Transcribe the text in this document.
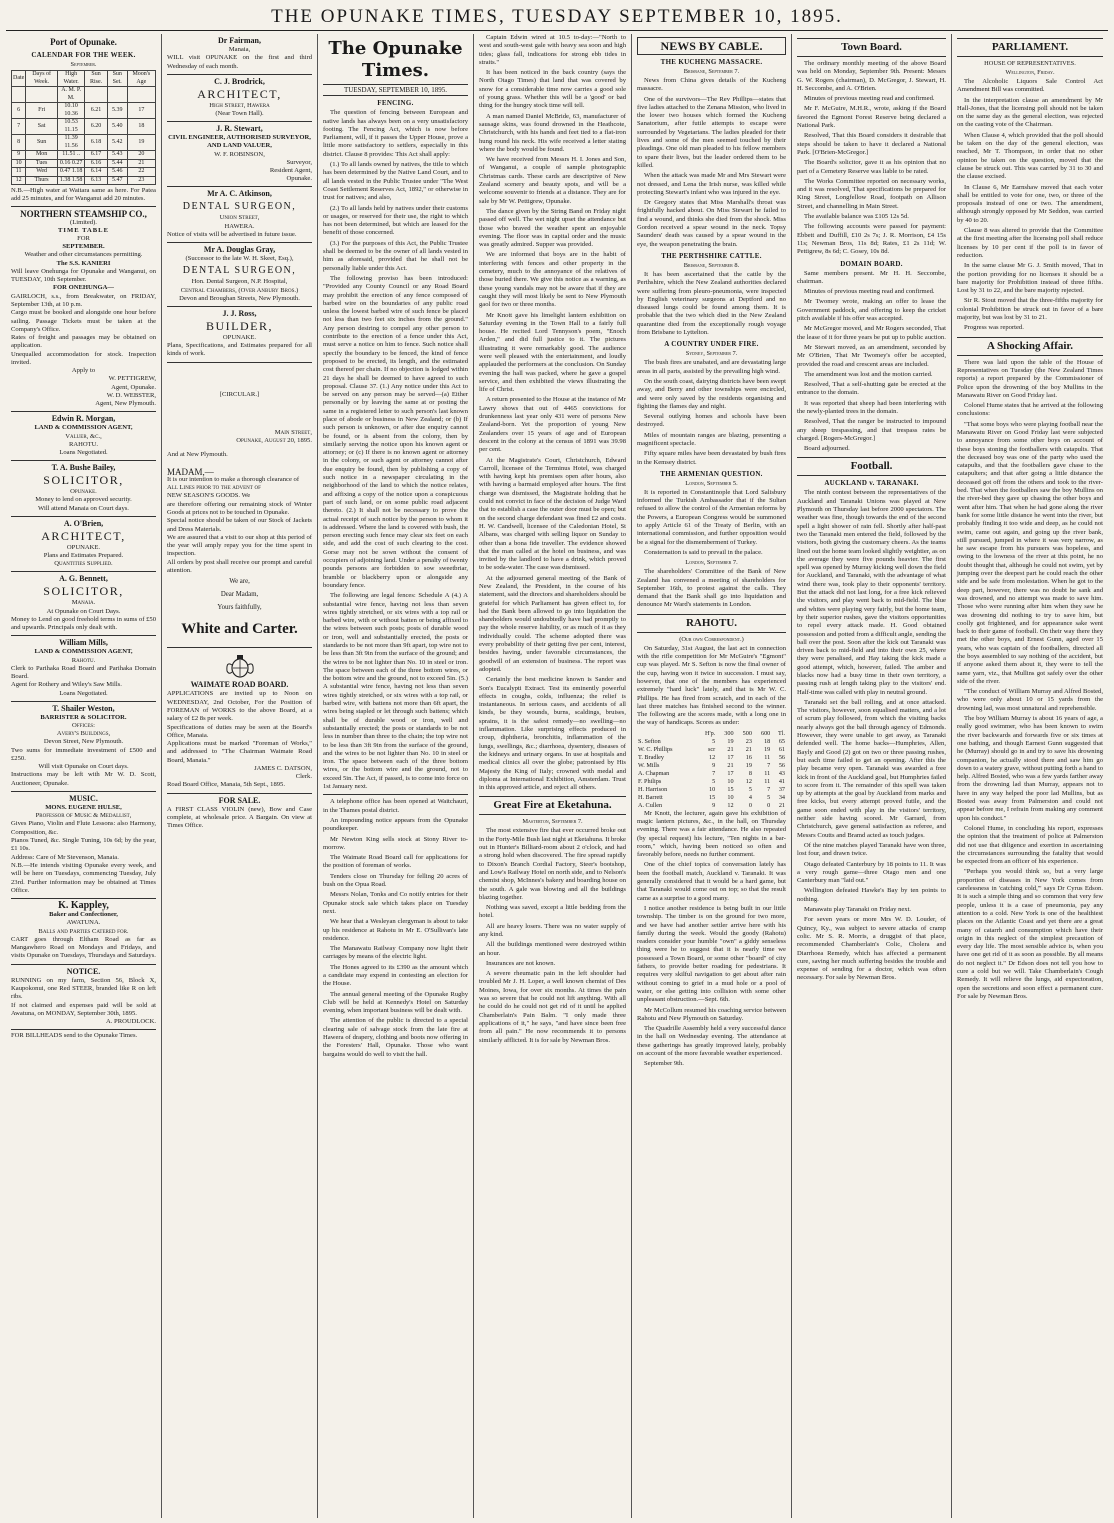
THE OPUNAKE TIMES, TUESDAY SEPTEMBER 10, 1895.
Port of Opunake.
CALENDAR FOR THE WEEK.
September.
Date	Days of Week.	High Water.	Sun Rise.	Sun Set.	Moon's Age
		A. M. P. M.			
6	Fri	10.10 10.36	6.21	5.39	17
7	Sat	10.53 11.15	6.20	5.40	18
8	Sun	11.39 11.56	6.18	5.42	19
9	Mon	11.51 ..	6.17	5.43	20
10	Tues	0.16 0.27	6.16	5.44	21
11	Wed	0.47 1.18	6.14	5.46	22
12	Thurs	1.38 1.58	6.13	5.47	23

N.B.—High water at Waitara same as here. For Patea add 25 minutes, and for Wanganui add 20 minutes.

NORTHERN STEAMSHIP CO.,
(Limited).
TIME TABLE
FOR
SEPTEMBER.
Weather and other circumstances permitting.
The S.S. KANIERI
Will leave Onehunga for Opunake and Wanganui, on TUESDAY, 10th September.
FOR ONEHUNGA—
GAIRLOCH, s.s., from Breakwater, on FRIDAY, September 13th, at 10 p.m.
Cargo must be booked and alongside one hour before sailing. Passage Tickets must be taken at the Company's Office.
Rates of freight and passages may be obtained on application.
Unequalled accommodation for stock. Inspection invited.
Apply to
W. PETTIGREW,
Agent, Opunake.
W. D. WEBSTER,
Agent, New Plymouth.
Edwin R. Morgan,
LAND & COMMISSION AGENT,
Valuer, &c.,
RAHOTU.
Loans Negotiated.
T. A. Bushe Bailey,
SOLICITOR,
Opunake.
Money to lend on approved security.
Will attend Manaia on Court days.
A. O'Brien,
ARCHITECT,
OPUNAKE.
Plans and Estimates Prepared.
Quantities Supplied.
A. G. Bennett,
SOLICITOR,
Manaia.
At Opunake on Court Days.
Money to Lend on good freehold terms in sums of £50 and upwards. Principals only dealt with.
William Mills,
LAND & COMMISSION AGENT,
Rahotu.
Clerk to Parihaka Road Board and Parihaka Domain Board.
Agent for Rothery and Wiley's Saw Mills.
Loans Negotiated.
T. Shailer Weston,
BARRISTER & SOLICITOR.
Offices:
Avery's Buildings,
Devon Street, New Plymouth.
Two sums for immediate investment of £500 and £250.
Will visit Opunake on Court days.
Instructions may be left with Mr W. D. Scott, Auctioneer, Opunake.
MUSIC.
MONS. EUGENE HULSE,
Professor of Music & Medallist,
Gives Piano, Violin and Flute Lessons: also Harmony, Composition, &c.
Pianos Tuned, &c. Single Tuning, 10s 6d; by the year, £1 10s.
Address: Care of Mr Stevenson, Manaia.
N.B.—He intends visiting Opunake every week, and will be here on Tuesdays, commencing Tuesday, July 23rd. Further information may be obtained at Times Office.
K. Kappley,
Baker and Confectioner,
AWATUNA.
Balls and Parties Catered for.
CART goes through Eltham Road as far as Mangawhero Road on Mondays and Fridays, and visits Opunake on Tuesdays, Thursdays and Saturdays.
NOTICE.
RUNNING on my farm, Section 56, Block X, Kaupokonui, one Red STEER, branded like R on left ribs.
If not claimed and expenses paid will be sold at Awatuna, on MONDAY, September 30th, 1895.
A. PROUDLOCK.
FOR BILLHEADS send to the Opunake Times.
Dr Fairman,
Manaia,
WILL visit OPUNAKE on the first and third Wednesday of each month.
C. J. Brodrick,
ARCHITECT,
High Street, Hawera
(Near Town Hall).
J. R. Stewart,
CIVIL ENGINEER, AUTHORISED SURVEYOR, AND LAND VALUER,
W. F. ROBINSON,
Surveyor,
Resident Agent,
Opunake.
Mr A. C. Atkinson,
DENTAL SURGEON,
Union Street,
HAWERA.
Notice of visits will be advertised in future issue.
Mr A. Douglas Gray,
(Successor to the late W. H. Skeet, Esq.),
DENTAL SURGEON,
Hon. Dental Surgeon, N.P. Hospital,
Central Chambers, (Over Anbury Bros.)
Devon and Broughan Streets, New Plymouth.
J. J. Ross,
BUILDER,
OPUNAKE.
Plans, Specifications, and Estimates prepared for all kinds of work.
[CIRCULAR.]
Main Street,
Opunake, August 20, 1895.
And at New Plymouth.
MADAM,—
It is our intention to make a thorough clearance of
All Lines prior to the advent of
NEW SEASON'S GOODS. We
are therefore offering our remaining stock of Winter Goods at prices not to be touched in Opunake.
Special notice should be taken of our Stock of Jackets and Dress Materials.
We are assured that a visit to our shop at this period of the year will amply repay you for the time spent in inspection.
All orders by post shall receive our prompt and careful attention.
We are,
Dear Madam,
Yours faithfully,
White and Carter.
WAIMATE ROAD BOARD.
APPLICATIONS are invited up to Noon on WEDNESDAY, 2nd October, For the Position of FOREMAN of WORKS to the above Board, at a salary of £2 8s per week.
Specifications of duties may be seen at the Board's Office, Manaia.
Applications must be marked "Foreman of Works," and addressed to "The Chairman Waimate Road Board, Manaia."
JAMES C. DATSON,
Clerk.
Road Board Office, Manaia, 5th Sept., 1895.
FOR SALE.
A FIRST CLASS VIOLIN (new), Bow and Case complete, at wholesale price. A Bargain. On view at Times Office.
The Opunake Times.
TUESDAY, SEPTEMBER 10, 1895.
FENCING.

The question of fencing between European and native lands has always been on a very unsatisfactory footing. The Fencing Act, which is now before Parliament, will, if it passes the Upper House, prove a little more satisfactory to settlers, especially in this district. Clause 8 provides: This Act shall apply:

(1.) To all lands owned by natives, the title to which has been determined by the Native Land Court, and to all lands vested in the Public Trustee under "The West Coast Settlement Reserves Act, 1892," or otherwise in trust for natives; and also,

(2.) To all lands held by natives under their customs or usages, or reserved for their use, the right to which has not been determined, but which are leased for the benefit of those concerned.

(3.) For the purposes of this Act, the Public Trustee shall be deemed to be the owner of all lands vested in him as aforesaid, provided that he shall not be personally liable under this Act.

The following proviso has been introduced: "Provided any County Council or any Road Board may prohibit the erection of any fence composed of barbed wire on the boundaries of any public road unless the lowest barbed wire of such fence be placed not less than two feet six inches from the ground." Any person desiring to compel any other person to contribute to the erection of a fence under this Act, must serve a notice on him to fence. Such notice shall specify the boundary to be fenced, the kind of fence proposed to be erected, its length, and the estimated cost thereof per chain. If no objection is lodged within 21 days he shall be deemed to have agreed to such proposal. Clause 37. (1.) Any notice under this Act to be served on any person may be served—(a) Either personally or by leaving the same at or posting the same in a registered letter to such person's last known place of abode or business in New Zealand; or (b) If such person is unknown, or after due enquiry cannot be found, or is absent from the colony, then by similarly serving the notice upon his known agent or attorney; or (c) If there is no known agent or attorney in the colony, or such agent or attorney cannot after due enquiry be found, then by publishing a copy of such notice in a newspaper circulating in the neighborhood of the land to which the notice relates, and affixing a copy of the notice upon a conspicuous part of such land, or on some public road adjacent thereto. (2.) It shall not be necessary to prove the actual receipt of such notice by the person to whom it is addressed. Where the land is covered with bush, the person erecting such fence may clear six feet on each side, and add the cost of such clearing to the cost. Gorse may not be sown without the consent of occupiers of adjoining land. Under a penalty of twenty pounds persons are forbidden to sow sweetbriar, bramble or blackberry upon or alongside any boundary fence.

The following are legal fences: Schedule A (4.) A substantial wire fence, having not less than seven wires tightly stretched, or six wires with a top rail or barbed wire, with or without batten or being affixed to the wires between such posts; posts of durable wood or iron, well and substantially erected, the posts or standards to be not more than 9ft apart, top wire not to be less than 3ft 9in from the surface of the ground; and the wires to be not lighter than No. 10 in steel or iron. The space between each of the three bottom wires, or the bottom wire and the ground, not to exceed 5in. (5.) A substantial wire fence, having not less than seven wires tightly stretched, or six wires with a top rail, or barbed wire, with battens not more than 6ft apart, the wires being stapled or let through such battens; which shall be of durable wood or iron, well and substantially erected; the posts or standards to be not less in number than three to the chain; the top wire not to be less than 3ft 9in from the surface of the ground, and the wires to be not lighter than No. 10 in steel or iron. The space between each of the three bottom wires, or the bottom wire and the ground, not to exceed 5in. The Act, if passed, is to come into force on 1st January next.

A telephone office has been opened at Waitchauri, in the Thames postal district.

An impounding notice appears from the Opunake poundkeeper.

Mr Newton King sells stock at Stony River to-morrow.

The Waimate Road Board call for applications for the position of foreman of works.

Tenders close on Thursday for felling 20 acres of bush on the Opua Road.

Messrs Nolan, Tonks and Co notify entries for their Opunake stock sale which takes place on Tuesday next.

We hear that a Wesleyan clergyman is about to take up his residence at Rahotu in Mr E. O'Sullivan's late residence.

The Manawatu Railway Company now light their carriages by means of the electric light.

The Hones agreed to its £390 as the amount which a candidate may expend in contesting an election for the House.

The annual general meeting of the Opunake Rugby Club will be held at Kennedy's Hotel on Saturday evening, when important business will be dealt with.

The attention of the public is directed to a special clearing sale of salvage stock from the late fire at Hawera of drapery, clothing and boots now offering in the Foresters' Hall, Opunake. Those who want bargains would do well to visit the hall.

Captain Edwin wired at 10.5 to-day:—"North to west and south-west gale with heavy sea soon and high tides; glass fall, indications for strong ebb tides in straits."

It has been noticed in the back country (says the North Otago Times) that land that was covered by snow for a considerable time now carries a good sole of young grass. Whether this will be a 'good' or bad thing for the hungry stock time will tell.

A man named Daniel McBride, 63, manufacturer of sausage skins, was found drowned in the Heathcote, Christchurch, with his hands and feet tied to a flat-iron hung round his neck. His wife received a letter stating where the body would be found.

We have received from Messrs H. I. Jones and Son, of Wanganui, a couple of sample photographic Christmas cards. These cards are descriptive of New Zealand scenery and beauty spots, and will be a welcome souvenir to friends at a distance. They are for sale by Mr W. Pettigrew, Opunake.

The dance given by the String Band on Friday night passed off well. The wet night upset the attendance but those who braved the weather spent an enjoyable evening. The floor was in capital order and the music was greatly admired. Supper was provided.

We are informed that boys are in the habit of interfering with fences and other property in the cemetery, much to the annoyance of the relatives of those buried there. We give this notice as a warning, as these young vandals may not be aware that if they are caught they will most likely be sent to New Plymouth gaol for two or three months.

Mr Knott gave his limelight lantern exhibition on Saturday evening in the Town Hall to a fairly full house. He recited Lord Tennyson's poem, "Enoch Arden," and did full justice to it. The pictures illustrating it were remarkably good. The audience were well pleased with the entertainment, and loudly applauded the performers at the conclusion. On Sunday evening the hall was packed, where he gave a gospel service, and then exhibited the views illustrating the life of Christ.

A return presented to the House at the instance of Mr Lawry shows that out of 4465 convictions for drunkenness last year only 431 were of persons New Zealand-born. Yet the proportion of young New Zealanders over 15 years of age and of European descent in the colony at the census of 1891 was 39.98 per cent.

At the Magistrate's Court, Christchurch, Edward Carroll, licensee of the Terminus Hotel, was charged with having kept his premises open after hours, also with having a barmaid employed after hours. The first charge was dismissed, the Magistrate holding that he could not convict in face of the decision of Judge Ward that to establish a case the outer door must be open; but on the second charge defendant was fined £2 and costs. H. W. Candwell, licensee of the Caledonian Hotel, St Albans, was charged with selling liquor on Sunday to other than a bona fide traveller. The evidence showed that the man called at the hotel on business, and was invited by the landlord to have a drink, which proved to be soda-water. The case was dismissed.

At the adjourned general meeting of the Bank of New Zealand, the President, in the course of his statement, said the directors and shareholders should be grateful for which Parliament has given effect to, for had the Bank been allowed to go into liquidation the shareholders would undoubtedly have had promptly to pay the whole reserve liability, or as much of it as they individually could. The scheme adopted there was every probability of their getting five per cent, interest, besides having, under favorable circumstances, the goodwill of an extension of business. The report was adopted.

Certainly the best medicine known is Sander and Son's Eucalypti Extract. Test its eminently powerful effects in coughs, colds, influenza; the relief is instantaneous. In serious cases, and accidents of all kinds, be they wounds, burns, scaldings, bruises, sprains, it is the safest remedy—no swelling—no inflammation. Like surprising effects produced in croup, diphtheria, bronchitis, inflammation of the lungs, swellings, &c.; diarrhoea, dysentery, diseases of the kidneys and urinary organs. In use at hospitals and medical clinics all over the globe; patronised by His Majesty the King of Italy; crowned with medal and diploma at International Exhibition, Amsterdam. Trust in this approved article, and reject all others.

Great Fire at Eketahuna.
Masterton, September 7.

The most extensive fire that ever occurred broke out in the Forty-Mile Bush last night at Eketahuna. It broke out in Hunter's Billiard-room about 2 o'clock, and had a strong hold when discovered. The fire spread rapidly to Dixon's Branch Cordial Factory, Steer's bootshop, and Low's Railway Hotel on north side, and to Nelson's chemist shop, McInnes's bakery and boarding house on the south. A gale was blowing and all the buildings blazing together.

Nothing was saved, except a little bedding from the hotel.

All are heavy losers. There was no water supply of any kind.

All the buildings mentioned were destroyed within an hour.

Insurances are not known.

A severe rheumatic pain in the left shoulder had troubled Mr J. H. Loper, a well known chemist of Des Moines, Iowa, for over six months. At times the pain was so severe that he could not lift anything. With all he could do he could not get rid of it until he applied Chamberlain's Pain Balm. "I only made three applications of it," he says, "and have since been free from all pain." He now recommends it to persons similarly afflicted. It is for sale by Newman Bros.

NEWS BY CABLE.
THE KUCHENG MASSACRE.
Brisbane, September 7.

News from China gives details of the Kucheng massacre.

One of the survivors—The Rev Phillips—states that five ladies attached to the Zenana Mission, who lived in the lower two houses which formed the Kucheng Sanatorium, after futile attempts to escape were surrounded by Vegetarians. The ladies pleaded for their lives and some of the men seemed touched by their pleadings. One old man pleaded to his fellow members to spare their lives, but the leader ordered them to be killed.

When the attack was made Mr and Mrs Stewart were not dressed, and Lena the Irish nurse, was killed while protecting Stewart's infant who was injured in the eye.

Dr Gregory states that Miss Marshall's throat was frightfully hacked about. On Miss Stewart he failed to find a wound, and thinks she died from the shock. Miss Gordon received a spear wound in the neck. Topsy Saunders' death was caused by a spear wound in the eye, the weapon penetrating the brain.

THE PERTHSHIRE CATTLE.
Brisbane, September 8.

It has been ascertained that the cattle by the Perthshire, which the New Zealand authorities declared were suffering from pleuro-pneumonia, were inspected by English veterinary surgeons at Deptford and no diseased lungs could be found among them. It is probable that the two which died in the New Zealand quarantine died from the exceptionally rough voyage from Brisbane to Lyttelton.

A COUNTRY UNDER FIRE.
Sydney, September 7.

The bush fires are unabated, and are devastating large areas in all parts, assisted by the prevailing high wind.

On the south coast, dairying districts have been swept away, and Berry and other townships were encircled, and were only saved by the residents organising and fighting the flames day and night.

Several outlying homes and schools have been destroyed.

Miles of mountain ranges are blazing, presenting a magnificent spectacle.

Fifty square miles have been devastated by bush fires in the Kemsey district.

THE ARMENIAN QUESTION.
London, September 5.

It is reported in Constantinople that Lord Salisbury informed the Turkish Ambassador that if the Sultan refused to allow the control of the Armenian reforms by the Powers, a European Congress would be summoned to apply Article 61 of the Treaty of Berlin, with an international commission, and further opposition would be a signal for the dismemberment of Turkey.

Consternation is said to prevail in the palace.

London, September 7.

The shareholders' Committee of the Bank of New Zealand has convened a meeting of shareholders for September 16th, to protest against the calls. They demand that the Bank shall go into liquidation and denounce Mr Ward's statements in London.

RAHOTU.
(Our own Correspondent.)

On Saturday, 31st August, the last act in connection with the rifle competition for Mr McGuire's "Egmont" cup was played. Mr S. Sefton is now the final owner of the cup, having won it twice in succession. I must say, however, that one of the members has experienced extremely "hard luck" lately, and that is Mr W. C. Phillips. He has fired from scratch, and in each of the last three matches has finished second to the winner. The following are the scores made, with a long one in the way of handicaps. Scores as under:

	H'p.	300	500	600	Tl.
S. Sefton	5	19	23	18	65
W. C. Phillips	scr	21	21	19	61
T. Bradley	12	17	16	11	56
W. Mills	9	21	19	7	56
A. Chapman	7	17	8	11	43
F. Philips	5	10	12	11	41
H. Harrison	10	15	5	7	37
H. Barrett	15	10	4	5	34
A. Cullen	9	12	0	0	21

Mr Knott, the lecturer, again gave his exhibition of magic lantern pictures, &c., in the hall, on Thursday evening. There was a fair attendance. He also repeated (by special request) his lecture, "Ten nights in a bar-room," which, having been noticed so often and favorably before, needs no further comment.

One of the chief topics of conversation lately has been the football match, Auckland v. Taranaki. It was generally considered that it would be a hard game, but that Taranaki would come out on top; so that the result came as a surprise to a good many.

I notice another residence is being built in our little township. The timber is on the ground for two more, and we have had another settler arrive here with his family during the week. Would the goody (Rahotu) readers consider your humble "own" a giddy senseless thing were he to suggest that it is nearly time we possessed a Town Board, or some other "board" of city fathers, to provide better roading for pedestrians. It requires very skilful navigation to get about after rain without coming to grief in a mud hole or a pool of water, or else getting into collision with some other unpleasant obstruction.—Sept. 6th.

Mr McCollum resumed his coaching service between Rahotu and New Plymouth on Saturday.

The Quadrille Assembly held a very successful dance in the hall on Wednesday evening. The attendance at these gatherings has greatly improved lately, probably on account of the more favorable weather experienced.

September 9th.

Town Board.

The ordinary monthly meeting of the above Board was held on Monday, September 9th. Present: Messrs G. W. Rogers (chairman), D. McGregor, J. Stewart, H. H. Seccombe, and A. O'Brien.

Minutes of previous meeting read and confirmed.

Mr F. McGuire, M.H.R., wrote, asking if the Board favored the Egmont Forest Reserve being declared a National Park.

Resolved, That this Board considers it desirable that steps should be taken to have it declared a National Park. [O'Brien-McGregor.]

The Board's solicitor, gave it as his opinion that no part of a Cemetery Reserve was liable to be rated.

The Works Committee reported on necessary works, and it was resolved, That specifications be prepared for King Street, Longfellow Road, footpath on Allison Street, and channelling in Main Street.

The available balance was £105 12s 5d.

The following accounts were passed for payment: Ebbett and Duffill, £10 2s 7s; J. R. Morrison, £4 15s 11s; Newman Bros, 11s 8d; Rates, £1 2s 11d; W. Pettigrew, 8s 6d; C. Gosey, 10s 8d.

DOMAIN BOARD.

Same members present. Mr H. H. Seccombe, chairman.

Minutes of previous meeting read and confirmed.

Mr Twomey wrote, making an offer to lease the Government paddock, and offering to keep the cricket pitch available if his offer was accepted.

Mr McGregor moved, and Mr Rogers seconded, That the lease of it for three years be put up to public auction.

Mr Stewart moved, as an amendment, seconded by Mr O'Brien, That Mr Twomey's offer be accepted, provided the road and crescent areas are included.

The amendment was lost and the motion carried.

Resolved, That a self-shutting gate be erected at the entrance to the domain.

It was reported that sheep had been interfering with the newly-planted trees in the domain.

Resolved, That the ranger be instructed to impound any sheep trespassing, and that trespass rates be charged. [Rogers-McGregor.]

Board adjourned.

Football.
AUCKLAND v. TARANAKI.

The ninth contest between the representatives of the Auckland and Taranaki Unions was played at New Plymouth on Thursday last before 2000 spectators. The weather was fine, though towards the end of the second spell a light shower of rain fell. Shortly after half-past two the Taranaki men entered the field, followed by the visitors, both giving the customary cheers. As the teams lined out the home team looked slightly weightier, as on the average they were five pounds heavier. The first spell was opened by Murray kicking well down the field for Auckland, and Taranaki, with the advantage of what wind there was, took play to their opponents' territory. But the attack did not last long, for a free kick relieved the visitors, and play went back to mid-field. The blue and whites were playing very fairly, but the home team, by their superior rushes, gave the visitors opportunities to repel every attack made. H. Good obtained possession and potted from a difficult angle, sending the ball over the post. Soon after the kick out Taranaki was driven back to mid-field and into their own 25, where they were penalised, and Hay taking the kick made a good attempt, which, however, failed. The amber and blacks now had a busy time in their own territory, a passing rush at length taking play to the visitors' end. Half-time was called with play in neutral ground.

Taranaki set the ball rolling, and at once attacked. The visitors, however, soon equalised matters, and a lot of scrum play followed, from which the visiting backs nearly always got the ball through agency of Edmonds. However, they were unable to get away, as Taranaki defended well. The home backs—Humphries, Allen, Bayly and Good (2) got on two or three passing rushes, but each time failed to get an opening. After this the play became very open. Taranaki was awarded a free kick in front of the Auckland goal, but Humphries failed to score from it. The remainder of this spell was taken up by attempts at the goal by Auckland from marks and free kicks, but every attempt proved futile, and the game soon ended with play in the visitors' territory, neither side having scored. Mr Garrard, from Christchurch, gave general satisfaction as referee, and Messrs Coutts and Bramd acted as touch judges.

Of the nine matches played Taranaki have won three, lost four, and drawn twice.

Otago defeated Canterbury by 18 points to 11. It was a very rough game—three Otago men and one Canterbury man "laid out."

Wellington defeated Hawke's Bay by ten points to nothing.

Manawatu play Taranaki on Friday next.

For seven years or more Mrs W. D. Louder, of Quincy, Ky., was subject to severe attacks of cramp colic. Mr S. R. Morris, a druggist of that place, recommended Chamberlain's Colic, Cholera and Diarrhoea Remedy, which has affected a permanent cure, saving her much suffering besides the trouble and expense of sending for a doctor, which was often necessary. For sale by Newman Bros.

PARLIAMENT.
HOUSE OF REPRESENTATIVES.
Wellington, Friday.

The Alcoholic Liquors Sale Control Act Amendment Bill was committed.

In the interpretation clause an amendment by Mr Hall-Jones, that the licensing poll should not be taken on the same day as the general election, was rejected on the casting vote of the Chairman.

When Clause 4, which provided that the poll should be taken on the day of the general election, was reached, Mr T. Thompson, in order that no other opinion be taken on the question, moved that the clause be struck out. This was carried by 31 to 30 and the clause excised.

In Clause 6, Mr Earnshaw moved that each voter shall be entitled to vote for one, two, or three of the proposals instead of one or two. The amendment, although strongly opposed by Mr Seddon, was carried by 40 to 20.

Clause 8 was altered to provide that the Committee at the first meeting after the licensing poll shall reduce licenses by 10 per cent if the poll is in favor of reduction.

In the same clause Mr G. J. Smith moved, That in the portion providing for no licenses it should be a bare majority for Prohibition instead of three fifths. Lost by 31 to 22, and the bare majority rejected.

Sir R. Stout moved that the three-fifths majority for colonial Prohibition be struck out in favor of a bare majority, but was lost by 31 to 21.

Progress was reported.

A Shocking Affair.

There was laid upon the table of the House of Representatives on Tuesday (the New Zealand Times reports) a report prepared by the Commissioner of Police upon the drowning of the boy Mullins in the Manawatu River on Good Friday last.

Colonel Hume states that he arrived at the following conclusions:

"That some boys who were playing football near the Manawatu River on Good Friday last were subjected to annoyance from some other boys on account of these boys stoning the footballers with catapults. That the deceased boy was one of the party who used the catapults, and that the footballers gave chase to the catapulters; and that after going a little distance the deceased got off from the others and took to the river-bed. That when the footballers saw the boy Mullins on the river-bed they gave up chasing the other boys and went after him. That when he had gone along the river bank for some little distance he went into the river, but probably finding it too wide and deep, as he could not swim, came out again, and going up the river bank, still pursued, jumped in where it was very narrow, as he saw escape from his pursuers was hopeless, and owing to the lowness of the river at this point, he no doubt thought that, although he could not swim, yet by jumping over the deepest part he could reach the other side and be safe from molestation. When he got to the deep part, however, there was no doubt he sank and was drowned, and no attempt was made to save him. Those who were running after him when they saw he was drowning did nothing to try to save him, but coolly got frightened, and for appearance sake went back to their game of football. On their way there they met the other boys, and Ernest Gunn, aged over 15 years, who was captain of the footballers, directed all the boys assembled to say nothing of the accident, but if anyone asked them about it, they were to tell the same yarn, viz., that Mullins got safely over the other side of the river.

"The conduct of William Murray and Alfred Bosted, who were only about 10 or 15 yards from the drowning lad, was most unnatural and reprehensible.

The boy William Murray is about 16 years of age, a really good swimmer, who has been known to swim the river backwards and forwards five or six times at one bathing, and though Earnest Gunn suggested that he (Murray) should go in and try to save his drowning companion, he actually stood there and saw him go down to a watery grave, without putting forth a hand to help. Alfred Bosted, who was a few yards farther away from the drowning lad than Murray, appears not to have in any way helped the poor lad Mullins, but as Bosted was away from Palmerston and could not appear before me, I refrain from making any comment upon his conduct."

Colonel Hume, in concluding his report, expresses the opinion that the treatment of police at Palmerston did not use that diligence and exertion in ascertaining the circumstances surrounding the fatality that would be expected from an officer of his experience.

"Perhaps you would think so, but a very large proportion of diseases in New York comes from carelessness in 'catching cold,'" says Dr Cyrus Edson. It is such a simple thing and so common that very few people, unless it is a case of pneumonia, pay any attention to a cold. New York is one of the healthiest places on the Atlantic Coast and yet there are a great many of catarrh and consumption which have their origin in this neglect of the simplest precaution of every day life. The most sensible advice is, when you have one get rid of it as soon as possible. By all means do not neglect it." Dr Edson does not tell you how to cure a cold but we will. Take Chamberlain's Cough Remedy. It will relieve the lungs, aid expectoration, open the secretions and soon effect a permanent cure. For sale by Newman Bros.
